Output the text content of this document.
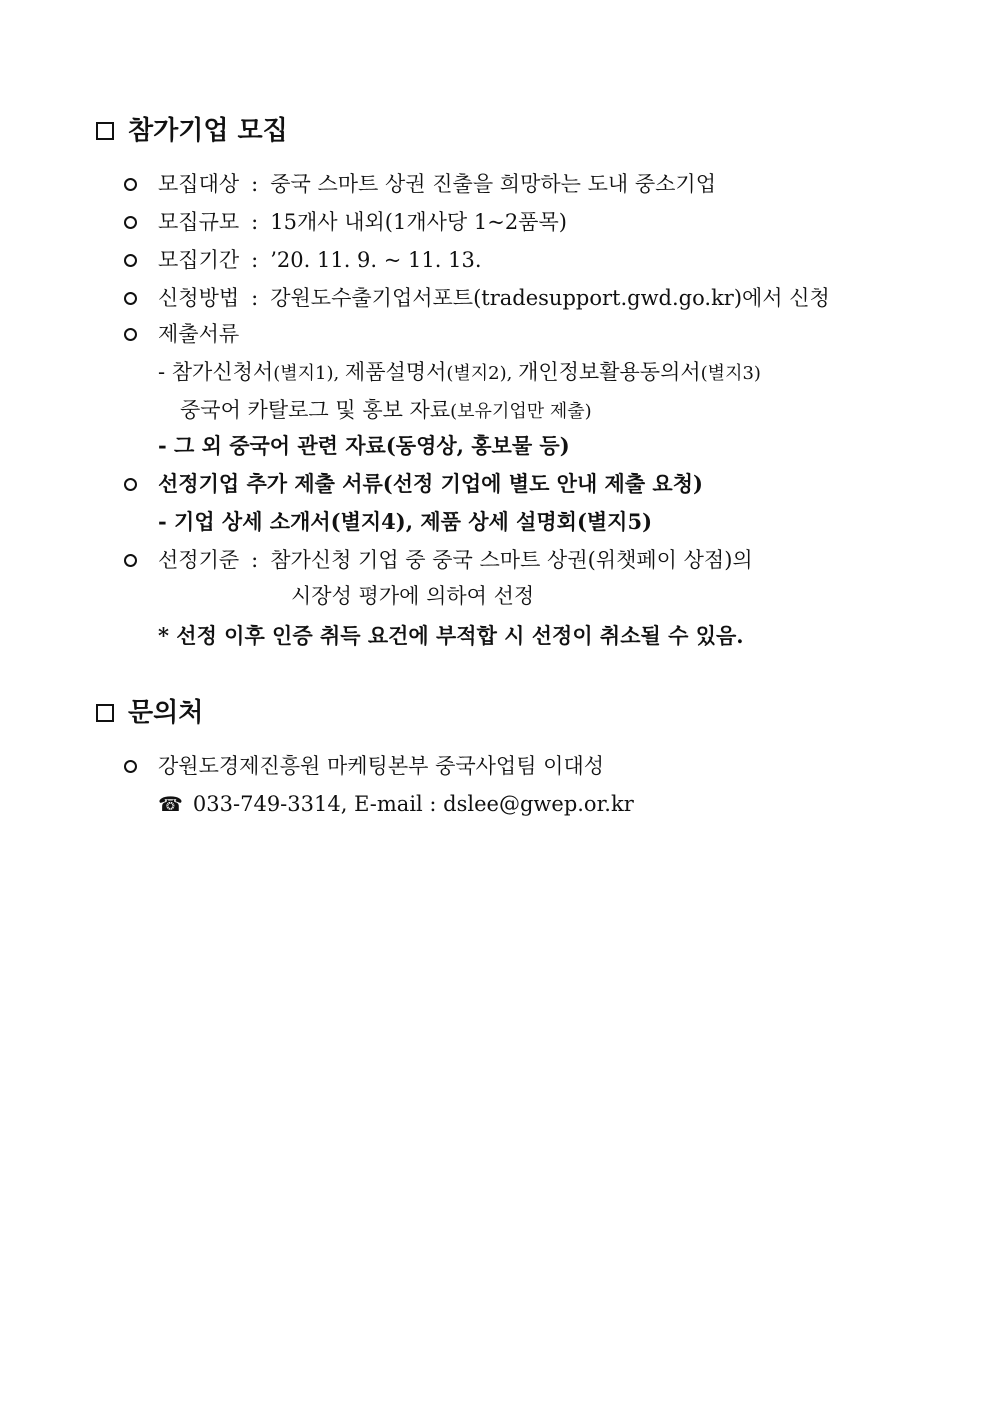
참가기업 모집
모집대상 : 중국 스마트 상권 진출을 희망하는 도내 중소기업
모집규모 : 15개사 내외(1개사당 1~2품목)
모집기간 : ’20. 11. 9. ~ 11. 13.
신청방법 : 강원도수출기업서포트(tradesupport.gwd.go.kr)에서 신청
제출서류
- 참가신청서(별지1), 제품설명서(별지2), 개인정보활용동의서(별지3)
중국어 카탈로그 및 홍보 자료(보유기업만 제출)
- 그 외 중국어 관련 자료(동영상, 홍보물 등)
선정기업 추가 제출 서류(선정 기업에 별도 안내 제출 요청)
- 기업 상세 소개서(별지4), 제품 상세 설명회(별지5)
선정기준 : 참가신청 기업 중 중국 스마트 상권(위챗페이 상점)의
시장성 평가에 의하여 선정
* 선정 이후 인증 취득 요건에 부적합 시 선정이 취소될 수 있음.
문의처
강원도경제진흥원 마케팅본부 중국사업팀 이대성
☎ 033-749-3314, E-mail : dslee@gwep.or.kr
